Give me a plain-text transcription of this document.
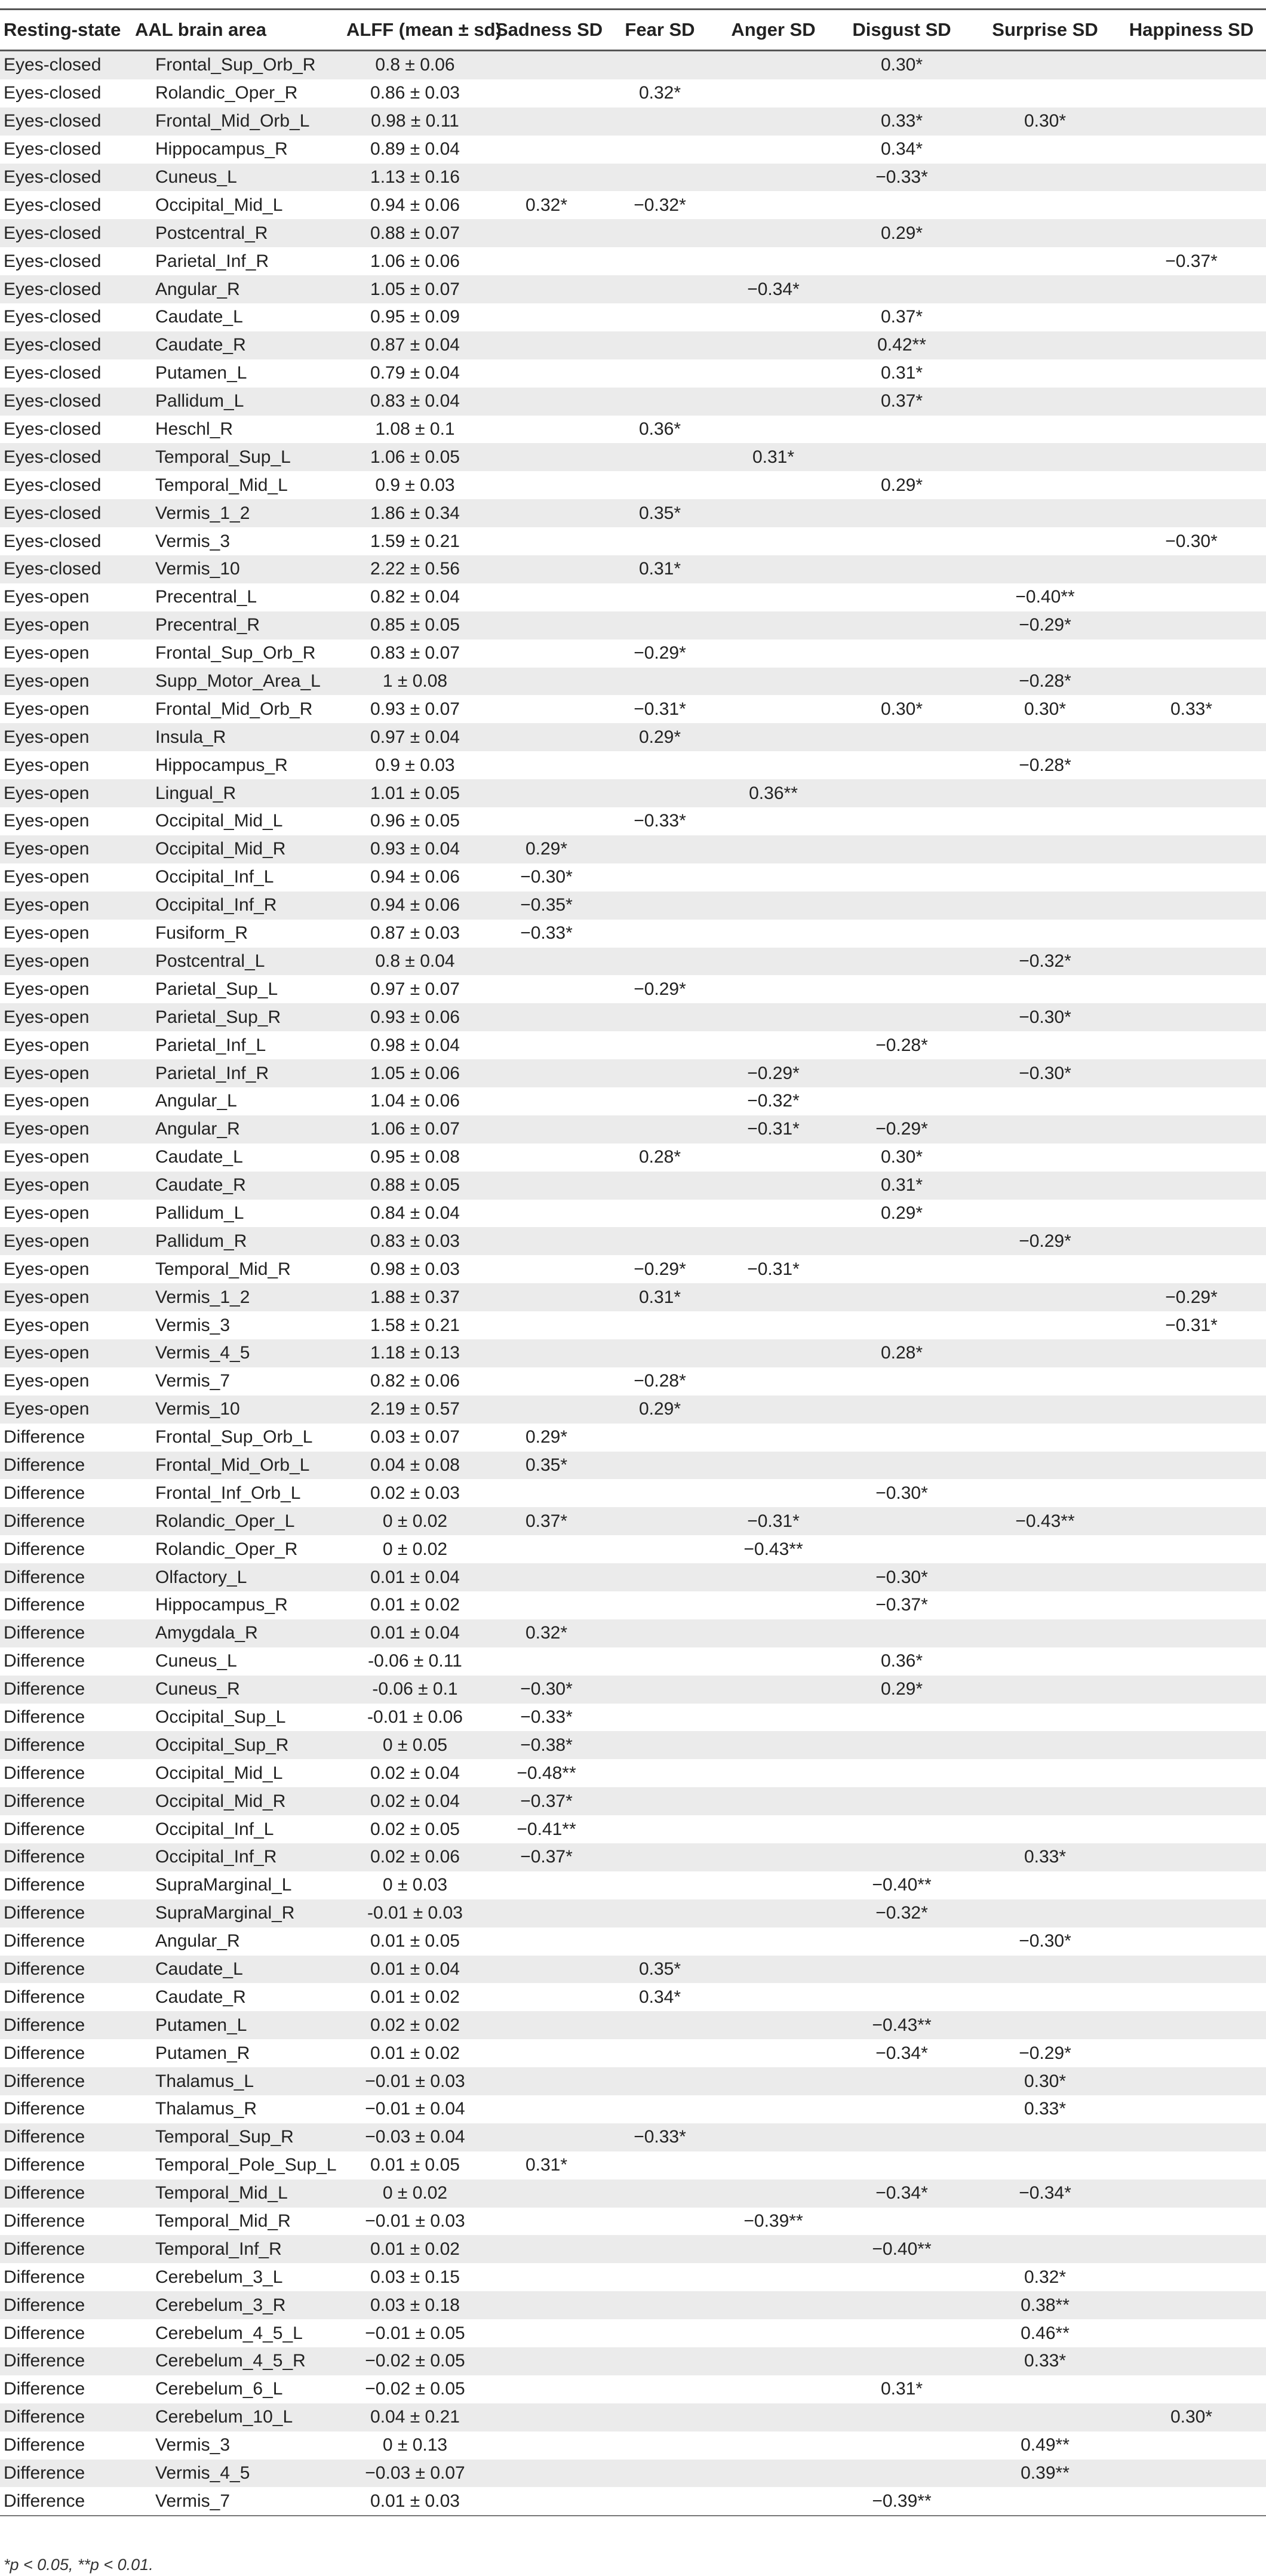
Resting-state	AAL brain area	ALFF (mean ± sd)	Sadness SD	Fear SD	Anger SD	Disgust SD	Surprise SD	Happiness SD
Eyes-closed	Frontal_Sup_Orb_R	0.8 ± 0.06				0.30*		
Eyes-closed	Rolandic_Oper_R	0.86 ± 0.03		0.32*				
Eyes-closed	Frontal_Mid_Orb_L	0.98 ± 0.11				0.33*	0.30*	
Eyes-closed	Hippocampus_R	0.89 ± 0.04				0.34*		
Eyes-closed	Cuneus_L	1.13 ± 0.16				−0.33*		
Eyes-closed	Occipital_Mid_L	0.94 ± 0.06	0.32*	−0.32*				
Eyes-closed	Postcentral_R	0.88 ± 0.07				0.29*		
Eyes-closed	Parietal_Inf_R	1.06 ± 0.06						−0.37*
Eyes-closed	Angular_R	1.05 ± 0.07			−0.34*			
Eyes-closed	Caudate_L	0.95 ± 0.09				0.37*		
Eyes-closed	Caudate_R	0.87 ± 0.04				0.42**		
Eyes-closed	Putamen_L	0.79 ± 0.04				0.31*		
Eyes-closed	Pallidum_L	0.83 ± 0.04				0.37*		
Eyes-closed	Heschl_R	1.08 ± 0.1		0.36*				
Eyes-closed	Temporal_Sup_L	1.06 ± 0.05			0.31*			
Eyes-closed	Temporal_Mid_L	0.9 ± 0.03				0.29*		
Eyes-closed	Vermis_1_2	1.86 ± 0.34		0.35*				
Eyes-closed	Vermis_3	1.59 ± 0.21						−0.30*
Eyes-closed	Vermis_10	2.22 ± 0.56		0.31*				
Eyes-open	Precentral_L	0.82 ± 0.04					−0.40**	
Eyes-open	Precentral_R	0.85 ± 0.05					−0.29*	
Eyes-open	Frontal_Sup_Orb_R	0.83 ± 0.07		−0.29*				
Eyes-open	Supp_Motor_Area_L	1 ± 0.08					−0.28*	
Eyes-open	Frontal_Mid_Orb_R	0.93 ± 0.07		−0.31*		0.30*	0.30*	0.33*
Eyes-open	Insula_R	0.97 ± 0.04		0.29*				
Eyes-open	Hippocampus_R	0.9 ± 0.03					−0.28*	
Eyes-open	Lingual_R	1.01 ± 0.05			0.36**			
Eyes-open	Occipital_Mid_L	0.96 ± 0.05		−0.33*				
Eyes-open	Occipital_Mid_R	0.93 ± 0.04	0.29*					
Eyes-open	Occipital_Inf_L	0.94 ± 0.06	−0.30*					
Eyes-open	Occipital_Inf_R	0.94 ± 0.06	−0.35*					
Eyes-open	Fusiform_R	0.87 ± 0.03	−0.33*					
Eyes-open	Postcentral_L	0.8 ± 0.04					−0.32*	
Eyes-open	Parietal_Sup_L	0.97 ± 0.07		−0.29*				
Eyes-open	Parietal_Sup_R	0.93 ± 0.06					−0.30*	
Eyes-open	Parietal_Inf_L	0.98 ± 0.04				−0.28*		
Eyes-open	Parietal_Inf_R	1.05 ± 0.06			−0.29*		−0.30*	
Eyes-open	Angular_L	1.04 ± 0.06			−0.32*			
Eyes-open	Angular_R	1.06 ± 0.07			−0.31*	−0.29*		
Eyes-open	Caudate_L	0.95 ± 0.08		0.28*		0.30*		
Eyes-open	Caudate_R	0.88 ± 0.05				0.31*		
Eyes-open	Pallidum_L	0.84 ± 0.04				0.29*		
Eyes-open	Pallidum_R	0.83 ± 0.03					−0.29*	
Eyes-open	Temporal_Mid_R	0.98 ± 0.03		−0.29*	−0.31*			
Eyes-open	Vermis_1_2	1.88 ± 0.37		0.31*				−0.29*
Eyes-open	Vermis_3	1.58 ± 0.21						−0.31*
Eyes-open	Vermis_4_5	1.18 ± 0.13				0.28*		
Eyes-open	Vermis_7	0.82 ± 0.06		−0.28*				
Eyes-open	Vermis_10	2.19 ± 0.57		0.29*				
Difference	Frontal_Sup_Orb_L	0.03 ± 0.07	0.29*					
Difference	Frontal_Mid_Orb_L	0.04 ± 0.08	0.35*					
Difference	Frontal_Inf_Orb_L	0.02 ± 0.03				−0.30*		
Difference	Rolandic_Oper_L	0 ± 0.02	0.37*		−0.31*		−0.43**	
Difference	Rolandic_Oper_R	0 ± 0.02			−0.43**			
Difference	Olfactory_L	0.01 ± 0.04				−0.30*		
Difference	Hippocampus_R	0.01 ± 0.02				−0.37*		
Difference	Amygdala_R	0.01 ± 0.04	0.32*					
Difference	Cuneus_L	-0.06 ± 0.11				0.36*		
Difference	Cuneus_R	-0.06 ± 0.1	−0.30*			0.29*		
Difference	Occipital_Sup_L	-0.01 ± 0.06	−0.33*					
Difference	Occipital_Sup_R	0 ± 0.05	−0.38*					
Difference	Occipital_Mid_L	0.02 ± 0.04	−0.48**					
Difference	Occipital_Mid_R	0.02 ± 0.04	−0.37*					
Difference	Occipital_Inf_L	0.02 ± 0.05	−0.41**					
Difference	Occipital_Inf_R	0.02 ± 0.06	−0.37*				0.33*	
Difference	SupraMarginal_L	0 ± 0.03				−0.40**		
Difference	SupraMarginal_R	-0.01 ± 0.03				−0.32*		
Difference	Angular_R	0.01 ± 0.05					−0.30*	
Difference	Caudate_L	0.01 ± 0.04		0.35*				
Difference	Caudate_R	0.01 ± 0.02		0.34*				
Difference	Putamen_L	0.02 ± 0.02				−0.43**		
Difference	Putamen_R	0.01 ± 0.02				−0.34*	−0.29*	
Difference	Thalamus_L	−0.01 ± 0.03					0.30*	
Difference	Thalamus_R	−0.01 ± 0.04					0.33*	
Difference	Temporal_Sup_R	−0.03 ± 0.04		−0.33*				
Difference	Temporal_Pole_Sup_L	0.01 ± 0.05	0.31*					
Difference	Temporal_Mid_L	0 ± 0.02				−0.34*	−0.34*	
Difference	Temporal_Mid_R	−0.01 ± 0.03			−0.39**			
Difference	Temporal_Inf_R	0.01 ± 0.02				−0.40**		
Difference	Cerebelum_3_L	0.03 ± 0.15					0.32*	
Difference	Cerebelum_3_R	0.03 ± 0.18					0.38**	
Difference	Cerebelum_4_5_L	−0.01 ± 0.05					0.46**	
Difference	Cerebelum_4_5_R	−0.02 ± 0.05					0.33*	
Difference	Cerebelum_6_L	−0.02 ± 0.05				0.31*		
Difference	Cerebelum_10_L	0.04 ± 0.21						0.30*
Difference	Vermis_3	0 ± 0.13					0.49**	
Difference	Vermis_4_5	−0.03 ± 0.07					0.39**	
Difference	Vermis_7	0.01 ± 0.03				−0.39**		
*p < 0.05, **p < 0.01.
